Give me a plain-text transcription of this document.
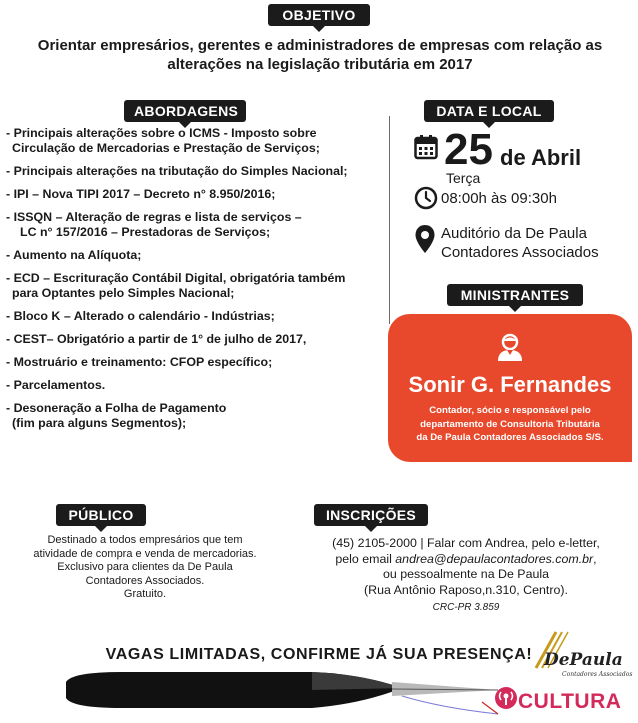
OBJETIVO
Orientar empresários, gerentes e administradores de empresas com relação as
alterações na legislação tributária em 2017
ABORDAGENS
- Principais alterações sobre o ICMS - Imposto sobre
Circulação de Mercadorias e Prestação de Serviços;
- Principais alterações na tributação do Simples Nacional;
- IPI – Nova TIPI 2017 – Decreto n° 8.950/2016;
- ISSQN – Alteração de regras e lista de serviços –
LC n° 157/2016 – Prestadoras de Serviços;
- Aumento na Alíquota;
- ECD – Escrituração Contábil Digital, obrigatória também
para Optantes pelo Simples Nacional;
- Bloco K – Alterado o calendário - Indústrias;
- CEST– Obrigatório a partir de 1° de julho de 2017,
- Mostruário e treinamento: CFOP específico;
- Parcelamentos.
- Desoneração a Folha de Pagamento
(fim para alguns Segmentos);
DATA E LOCAL
25 de Abril
Terça
08:00h às 09:30h
Auditório da De Paula
Contadores Associados
MINISTRANTES
Sonir G. Fernandes
Contador, sócio e responsável pelo
departamento de Consultoria Tributária
da De Paula Contadores Associados S/S.
PÚBLICO
Destinado a todos empresários que tem
atividade de compra e venda de mercadorias.
Exclusivo para clientes da De Paula
Contadores Associados.
Gratuito.
INSCRIÇÕES
(45) 2105-2000 | Falar com Andrea, pelo e-letter,
pelo email andrea@depaulacontadores.com.br,
ou pessoalmente na De Paula
(Rua Antônio Raposo,n.310, Centro).
CRC-PR 3.859
VAGAS LIMITADAS, CONFIRME JÁ SUA PRESENÇA! DePaula
Contadores Associados
CULTURA
